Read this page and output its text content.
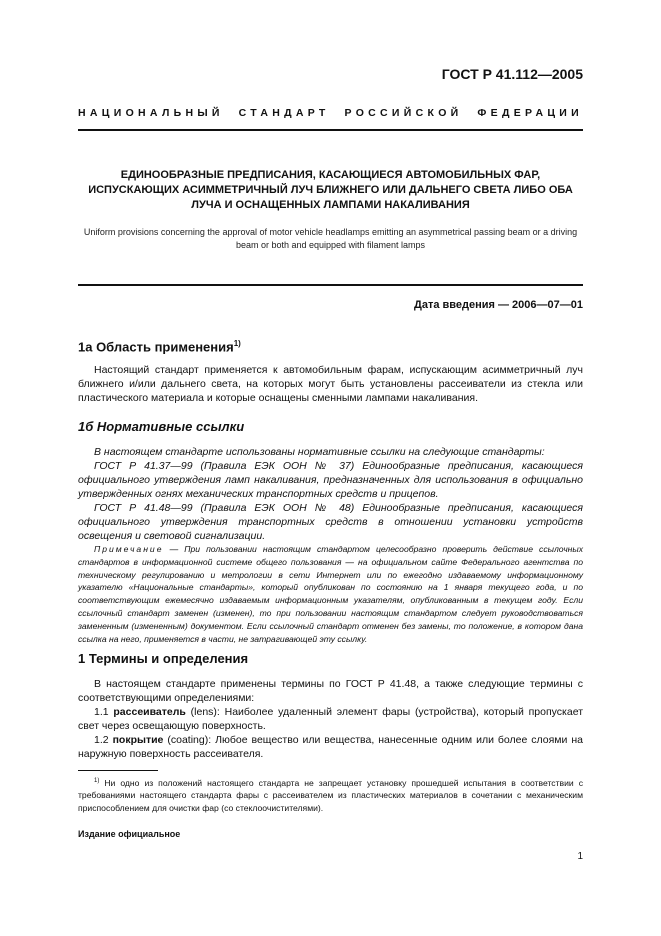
ГОСТ Р 41.112—2005
НАЦИОНАЛЬНЫЙ СТАНДАРТ РОССИЙСКОЙ ФЕДЕРАЦИИ
ЕДИНООБРАЗНЫЕ ПРЕДПИСАНИЯ, КАСАЮЩИЕСЯ АВТОМОБИЛЬНЫХ ФАР, ИСПУСКАЮЩИХ АСИММЕТРИЧНЫЙ ЛУЧ БЛИЖНЕГО ИЛИ ДАЛЬНЕГО СВЕТА ЛИБО ОБА ЛУЧА И ОСНАЩЕННЫХ ЛАМПАМИ НАКАЛИВАНИЯ
Uniform provisions concerning the approval of motor vehicle headlamps emitting an asymmetrical passing beam or a driving beam or both and equipped with filament lamps
Дата введения — 2006—07—01
1а Область применения$^{1)}$

Настоящий стандарт применяется к автомобильным фарам, испускающим асимметричный луч ближнего и/или дальнего света, на которых могут быть установлены рассеиватели из стекла или пластического материала и которые оснащены сменными лампами накаливания.

1б Нормативные ссылки

В настоящем стандарте использованы нормативные ссылки на следующие стандарты:

ГОСТ Р 41.37—99 (Правила ЕЭК ООН № 37) Единообразные предписания, касающиеся официального утверждения ламп накаливания, предназначенных для использования в официально утвержденных огнях механических транспортных средств и прицепов.

ГОСТ Р 41.48—99 (Правила ЕЭК ООН № 48) Единообразные предписания, касающиеся официального утверждения транспортных средств в отношении установки устройств освещения и световой сигнализации.

Примечание — При пользовании настоящим стандартом целесообразно проверить действие ссылочных стандартов в информационной системе общего пользования — на официальном сайте Федерального агентства по техническому регулированию и метрологии в сети Интернет или по ежегодно издаваемому информационному указателю «Национальные стандарты», который опубликован по состоянию на 1 января текущего года, и по соответствующим ежемесячно издаваемым информационным указателям, опубликованным в текущем году. Если ссылочный стандарт заменен (изменен), то при пользовании настоящим стандартом следует руководствоваться замененным (измененным) документом. Если ссылочный стандарт отменен без замены, то положение, в котором дана ссылка на него, применяется в части, не затрагивающей эту ссылку.

1 Термины и определения

В настоящем стандарте применены термины по ГОСТ Р 41.48, а также следующие термины с соответствующими определениями:

1.1 рассеиватель (lens): Наиболее удаленный элемент фары (устройства), который пропускает свет через освещающую поверхность.

1.2 покрытие (coating): Любое вещество или вещества, нанесенные одним или более слоями на наружную поверхность рассеивателя.

$^{1)}$ Ни одно из положений настоящего стандарта не запрещает установку прошедшей испытания в соответствии с требованиями настоящего стандарта фары с рассеивателем из пластических материалов в сочетании с механическим приспособлением для очистки фар (со стеклоочистителями).

Издание официальное
1
